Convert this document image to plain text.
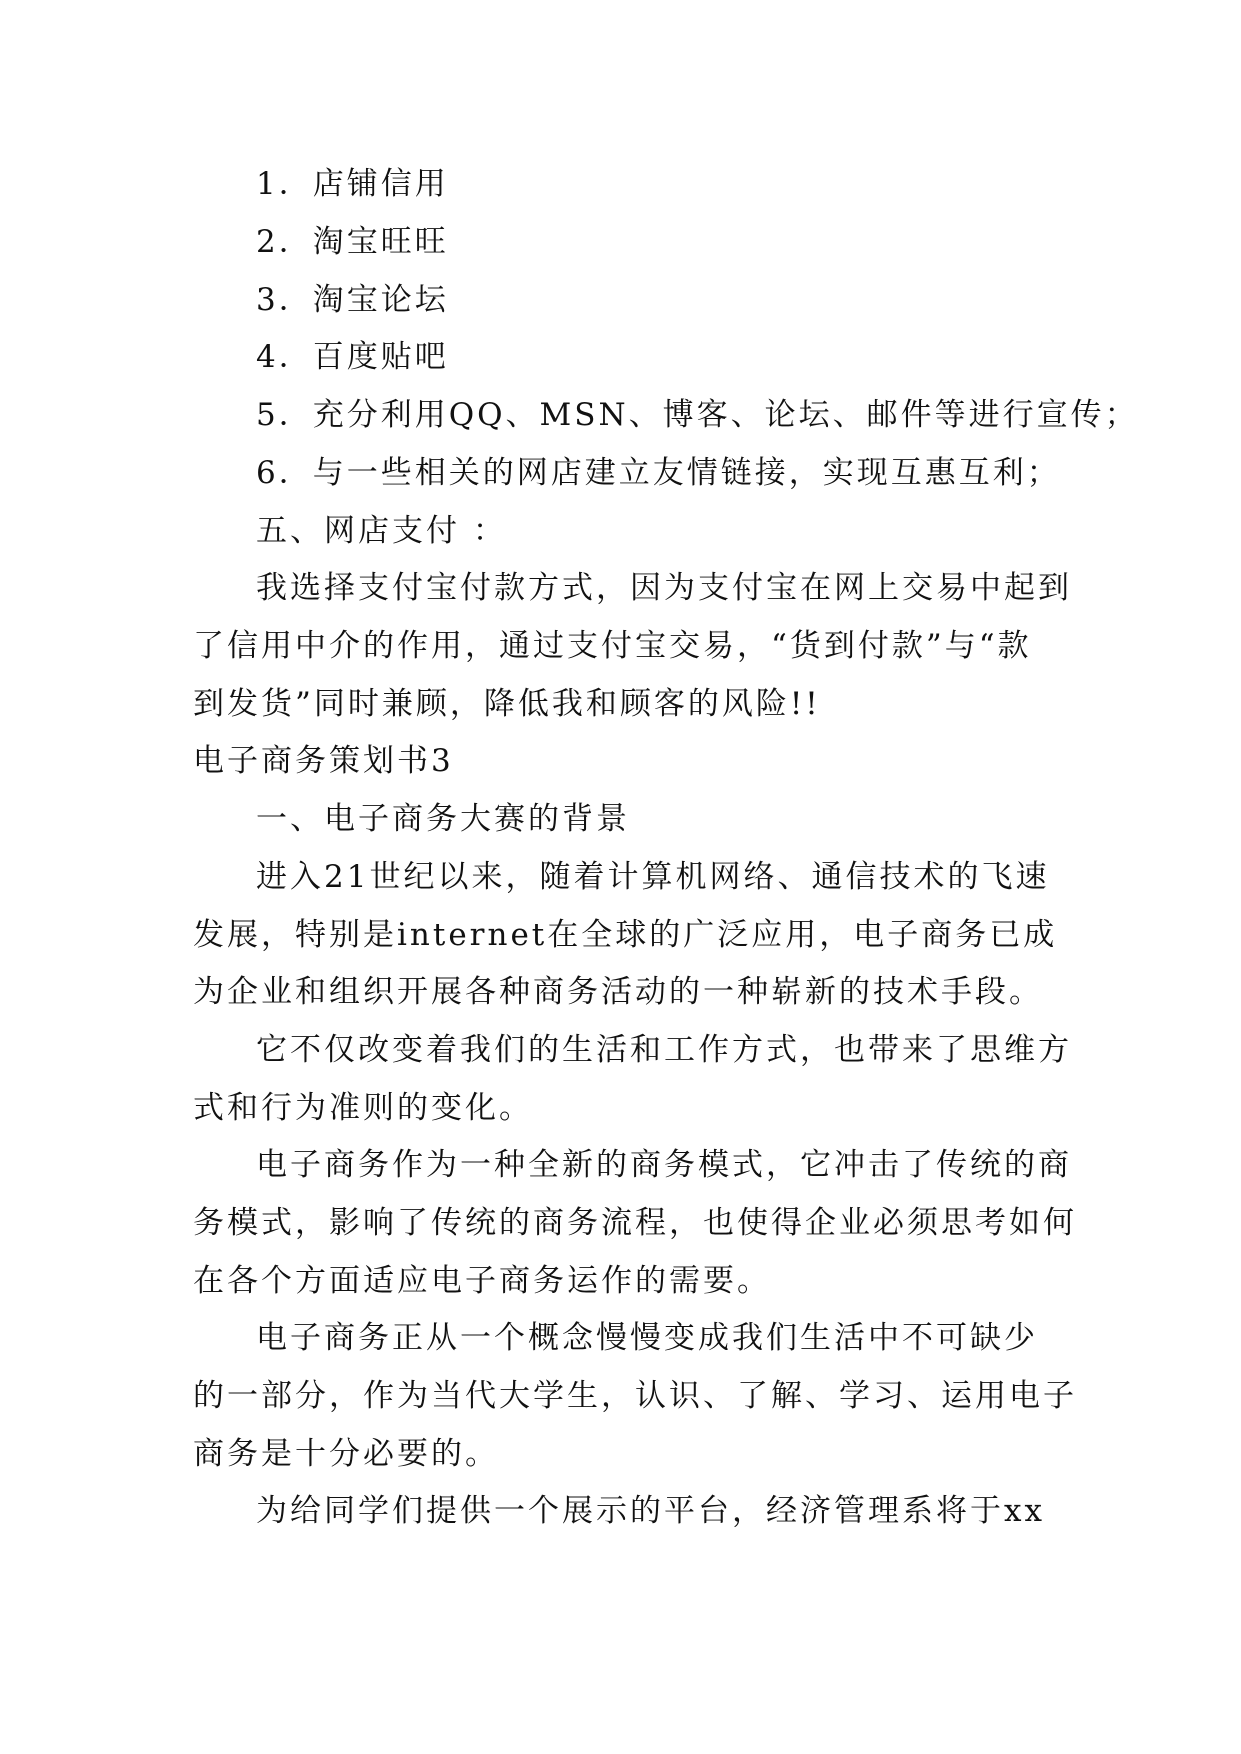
1．店铺信用
2．淘宝旺旺
3．淘宝论坛
4．百度贴吧
5．充分利用QQ、MSN、博客、论坛、邮件等进行宣传；
6．与一些相关的网店建立友情链接，实现互惠互利；
五、网店支付 ：
我选择支付宝付款方式，因为支付宝在网上交易中起到
了信用中介的作用，通过支付宝交易，“货到付款”与“款
到发货”同时兼顾，降低我和顾客的风险!!
电子商务策划书3
一、电子商务大赛的背景
进入21世纪以来，随着计算机网络、通信技术的飞速
发展，特别是internet在全球的广泛应用，电子商务已成
为企业和组织开展各种商务活动的一种崭新的技术手段。
它不仅改变着我们的生活和工作方式，也带来了思维方
式和行为准则的变化。
电子商务作为一种全新的商务模式，它冲击了传统的商
务模式，影响了传统的商务流程，也使得企业必须思考如何
在各个方面适应电子商务运作的需要。
电子商务正从一个概念慢慢变成我们生活中不可缺少
的一部分，作为当代大学生，认识、了解、学习、运用电子
商务是十分必要的。
为给同学们提供一个展示的平台，经济管理系将于xx
